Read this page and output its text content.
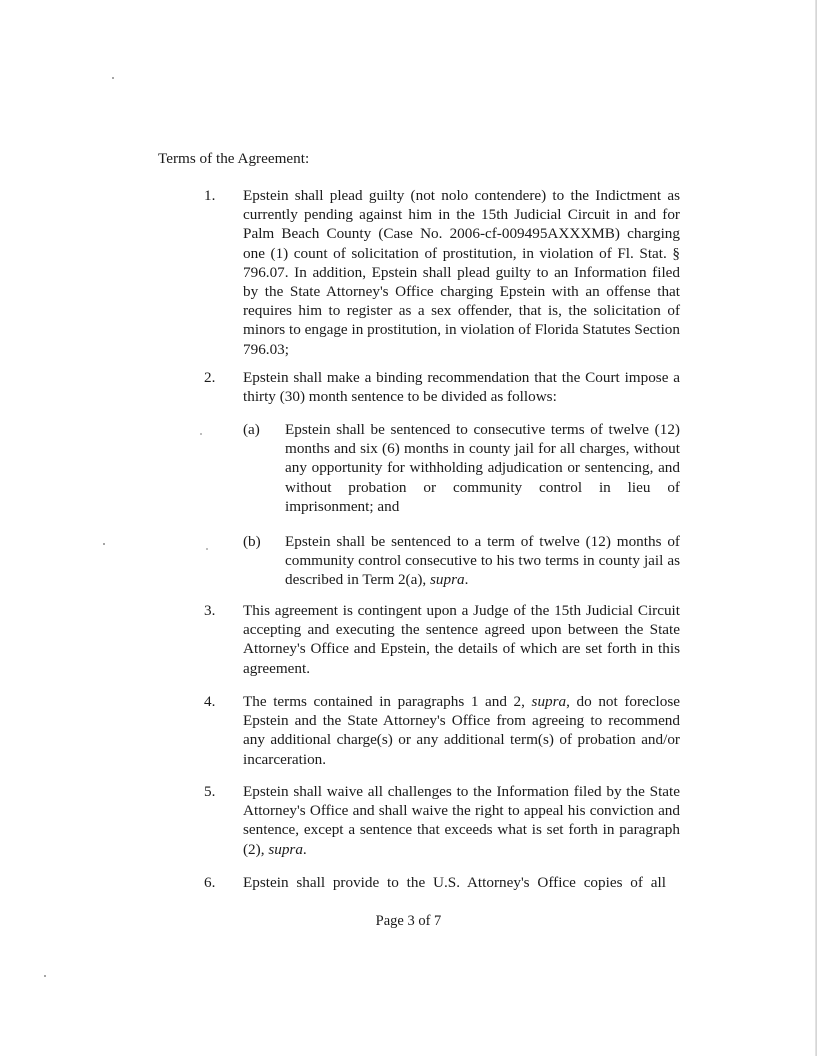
Terms of the Agreement:
1. Epstein shall plead guilty (not nolo contendere) to the Indictment as currently pending against him in the 15th Judicial Circuit in and for Palm Beach County (Case No. 2006-cf-009495AXXXMB) charging one (1) count of solicitation of prostitution, in violation of Fl. Stat. § 796.07. In addition, Epstein shall plead guilty to an Information filed by the State Attorney's Office charging Epstein with an offense that requires him to register as a sex offender, that is, the solicitation of minors to engage in prostitution, in violation of Florida Statutes Section 796.03;
2. Epstein shall make a binding recommendation that the Court impose a thirty (30) month sentence to be divided as follows:
(a) Epstein shall be sentenced to consecutive terms of twelve (12) months and six (6) months in county jail for all charges, without any opportunity for withholding adjudication or sentencing, and without probation or community control in lieu of imprisonment; and
(b) Epstein shall be sentenced to a term of twelve (12) months of community control consecutive to his two terms in county jail as described in Term 2(a), supra.
3. This agreement is contingent upon a Judge of the 15th Judicial Circuit accepting and executing the sentence agreed upon between the State Attorney's Office and Epstein, the details of which are set forth in this agreement.
4. The terms contained in paragraphs 1 and 2, supra, do not foreclose Epstein and the State Attorney's Office from agreeing to recommend any additional charge(s) or any additional term(s) of probation and/or incarceration.
5. Epstein shall waive all challenges to the Information filed by the State Attorney's Office and shall waive the right to appeal his conviction and sentence, except a sentence that exceeds what is set forth in paragraph (2), supra.
6. Epstein shall provide to the U.S. Attorney's Office copies of all
Page 3 of 7
